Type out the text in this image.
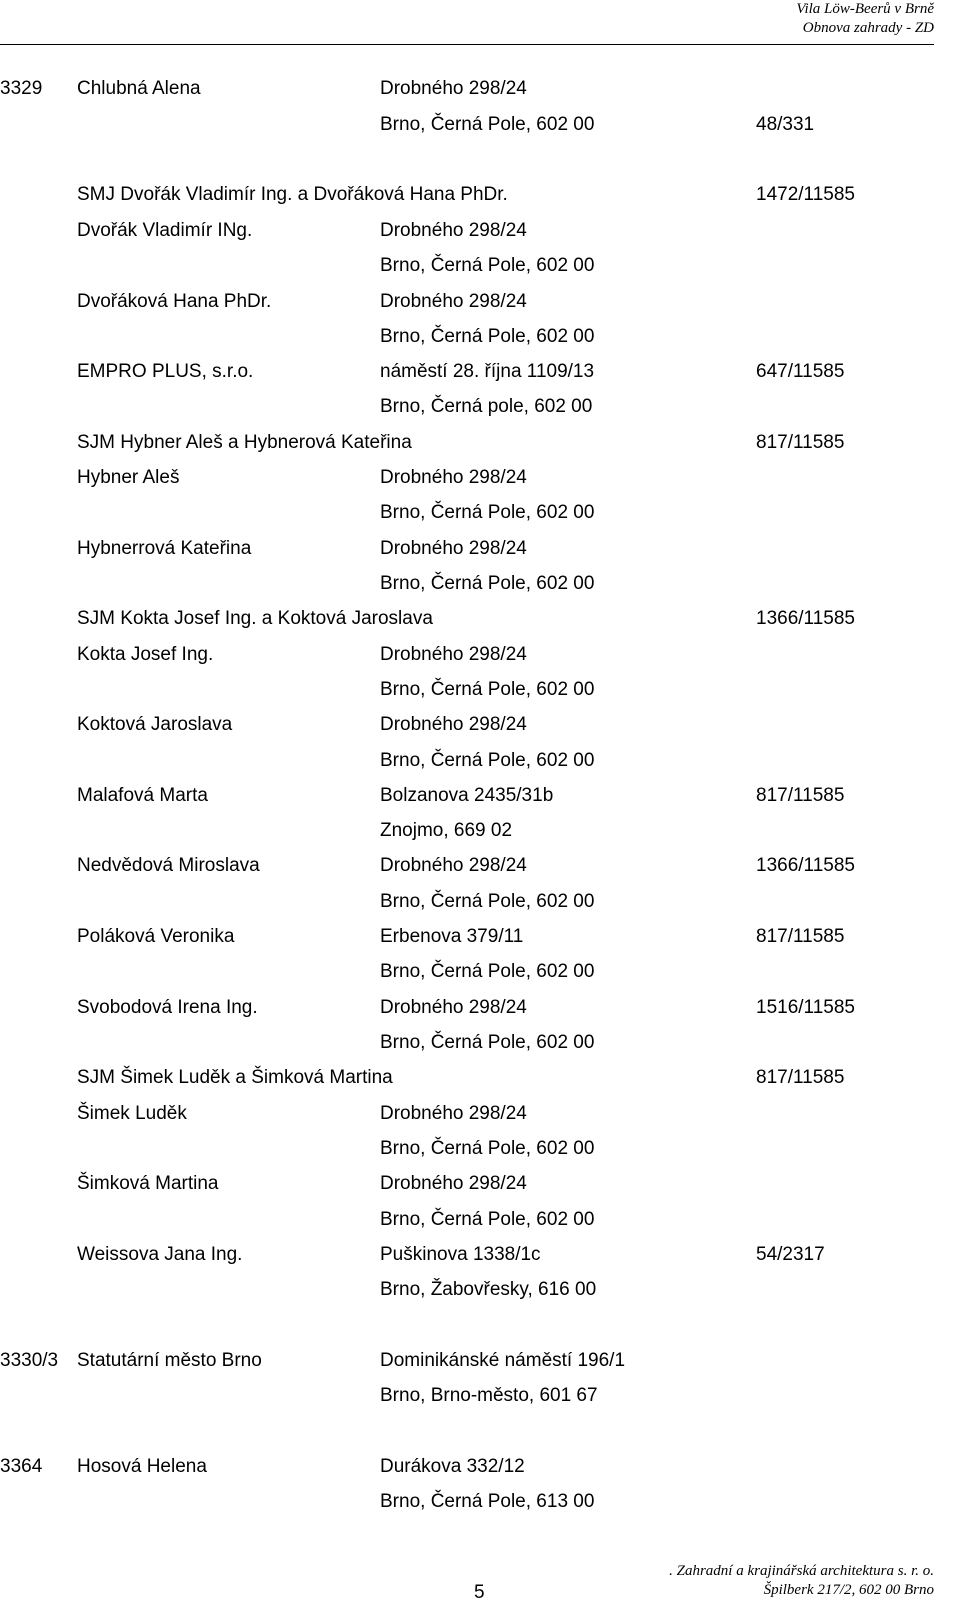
Vila Löw-Beerů v Brně
Obnova zahrady - ZD
3329 Chlubná Alena	Drobného 298/24
Brno, Černá Pole, 602 00	48/331
SMJ Dvořák Vladimír Ing. a Dvořáková Hana PhDr.	1472/11585
Dvořák Vladimír INg.	Drobného 298/24
Brno, Černá Pole, 602 00
Dvořáková Hana PhDr.	Drobného 298/24
Brno, Černá Pole, 602 00
EMPRO PLUS, s.r.o.	náměstí 28. října 1109/13	647/11585
Brno, Černá pole, 602 00
SJM Hybner Aleš a Hybnerová Kateřina	817/11585
Hybner Aleš	Drobného 298/24
Brno, Černá Pole, 602 00
Hybnerrová Kateřina	Drobného 298/24
Brno, Černá Pole, 602 00
SJM Kokta Josef Ing. a Koktová Jaroslava	1366/11585
Kokta Josef Ing.	Drobného 298/24
Brno, Černá Pole, 602 00
Koktová Jaroslava	Drobného 298/24
Brno, Černá Pole, 602 00
Malafová Marta	Bolzanova 2435/31b	817/11585
Znojmo, 669 02
Nedvědová Miroslava	Drobného 298/24	1366/11585
Brno, Černá Pole, 602 00
Poláková Veronika	Erbenova 379/11	817/11585
Brno, Černá Pole, 602 00
Svobodová Irena Ing.	Drobného 298/24	1516/11585
Brno, Černá Pole, 602 00
SJM Šimek Luděk a Šimková Martina	817/11585
Šimek Luděk	Drobného 298/24
Brno, Černá Pole, 602 00
Šimková Martina	Drobného 298/24
Brno, Černá Pole, 602 00
Weissova Jana Ing.	Puškinova 1338/1c	54/2317
Brno, Žabovřesky, 616 00
3330/3 Statutární město Brno	Dominikánské náměstí 196/1
Brno, Brno-město, 601 67
3364 Hosová Helena	Durákova 332/12
Brno, Černá Pole, 613 00
5
. Zahradní a krajinářská architektura s. r. o.
Špilberk 217/2, 602 00 Brno
